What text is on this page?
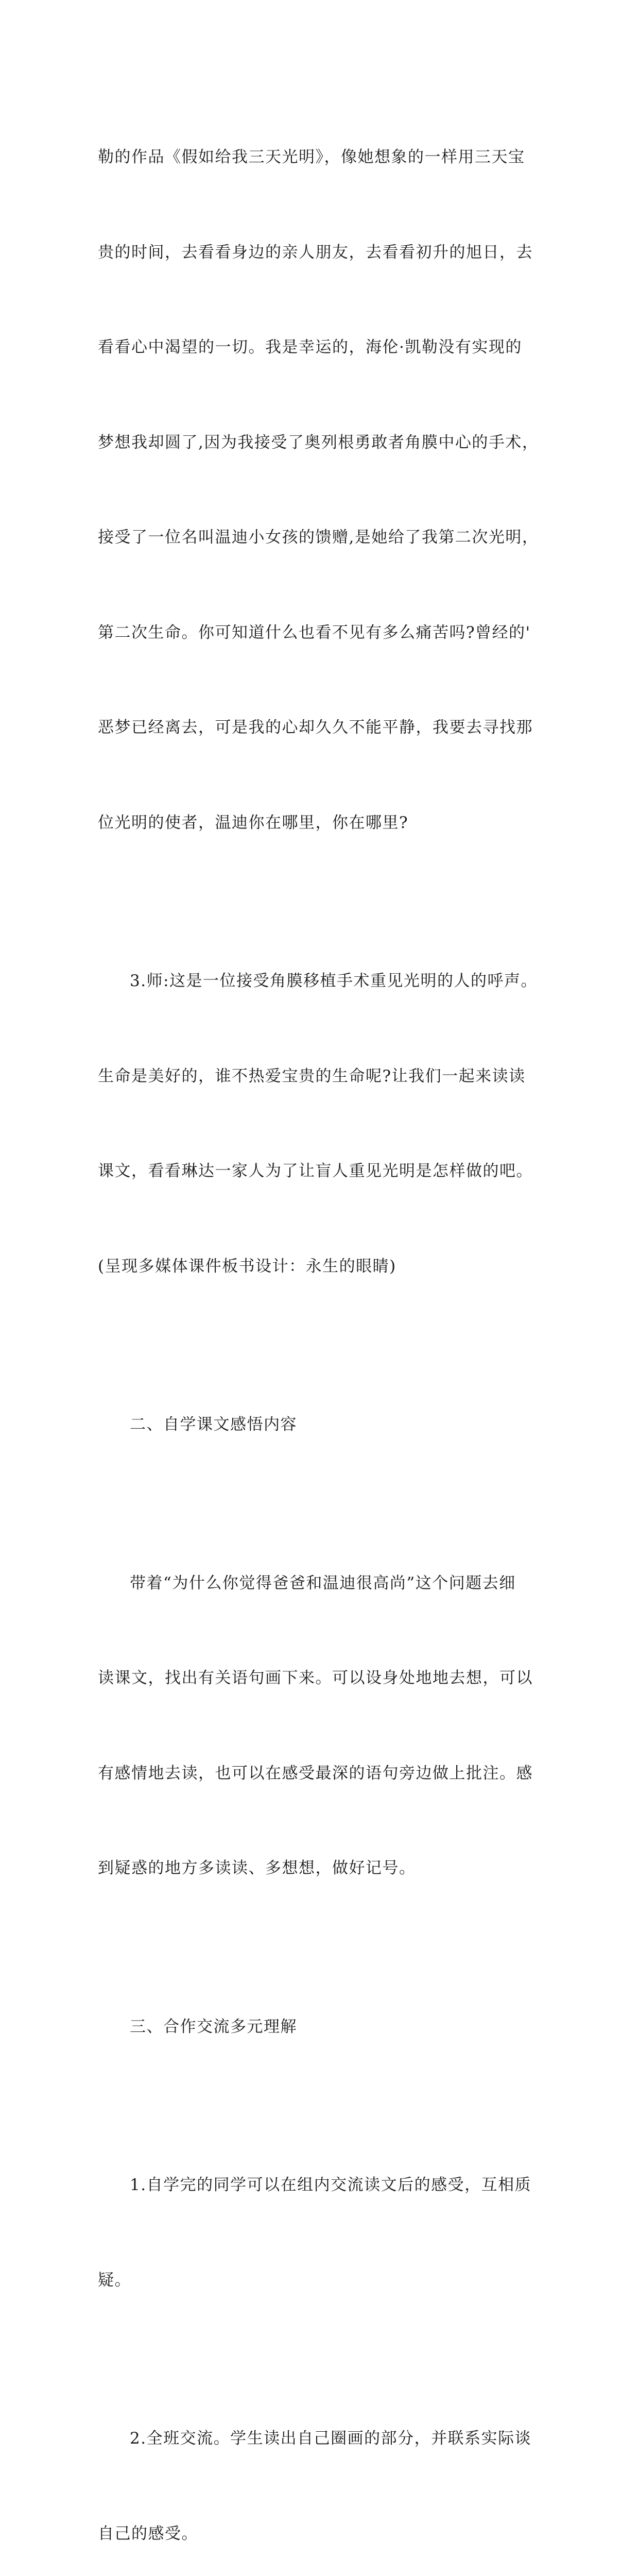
勒的作品《假如给我三天光明》，像她想象的一样用三天宝

贵的时间，去看看身边的亲人朋友，去看看初升的旭日，去

看看心中渴望的一切。我是幸运的，海伦·凯勒没有实现的

梦想我却圆了,因为我接受了奥列根勇敢者角膜中心的手术，

接受了一位名叫温迪小女孩的馈赠,是她给了我第二次光明，

第二次生命。你可知道什么也看不见有多么痛苦吗?曾经的'

恶梦已经离去，可是我的心却久久不能平静，我要去寻找那

位光明的使者，温迪你在哪里，你在哪里?

3.师:这是一位接受角膜移植手术重见光明的人的呼声。

生命是美好的，谁不热爱宝贵的生命呢?让我们一起来读读

课文，看看琳达一家人为了让盲人重见光明是怎样做的吧。

(呈现多媒体课件板书设计：永生的眼睛)

二、自学课文感悟内容

带着“为什么你觉得爸爸和温迪很高尚”这个问题去细

读课文，找出有关语句画下来。可以设身处地地去想，可以

有感情地去读，也可以在感受最深的语句旁边做上批注。感

到疑惑的地方多读读、多想想，做好记号。

三、合作交流多元理解

1.自学完的同学可以在组内交流读文后的感受，互相质

疑。

2.全班交流。学生读出自己圈画的部分，并联系实际谈

自己的感受。
